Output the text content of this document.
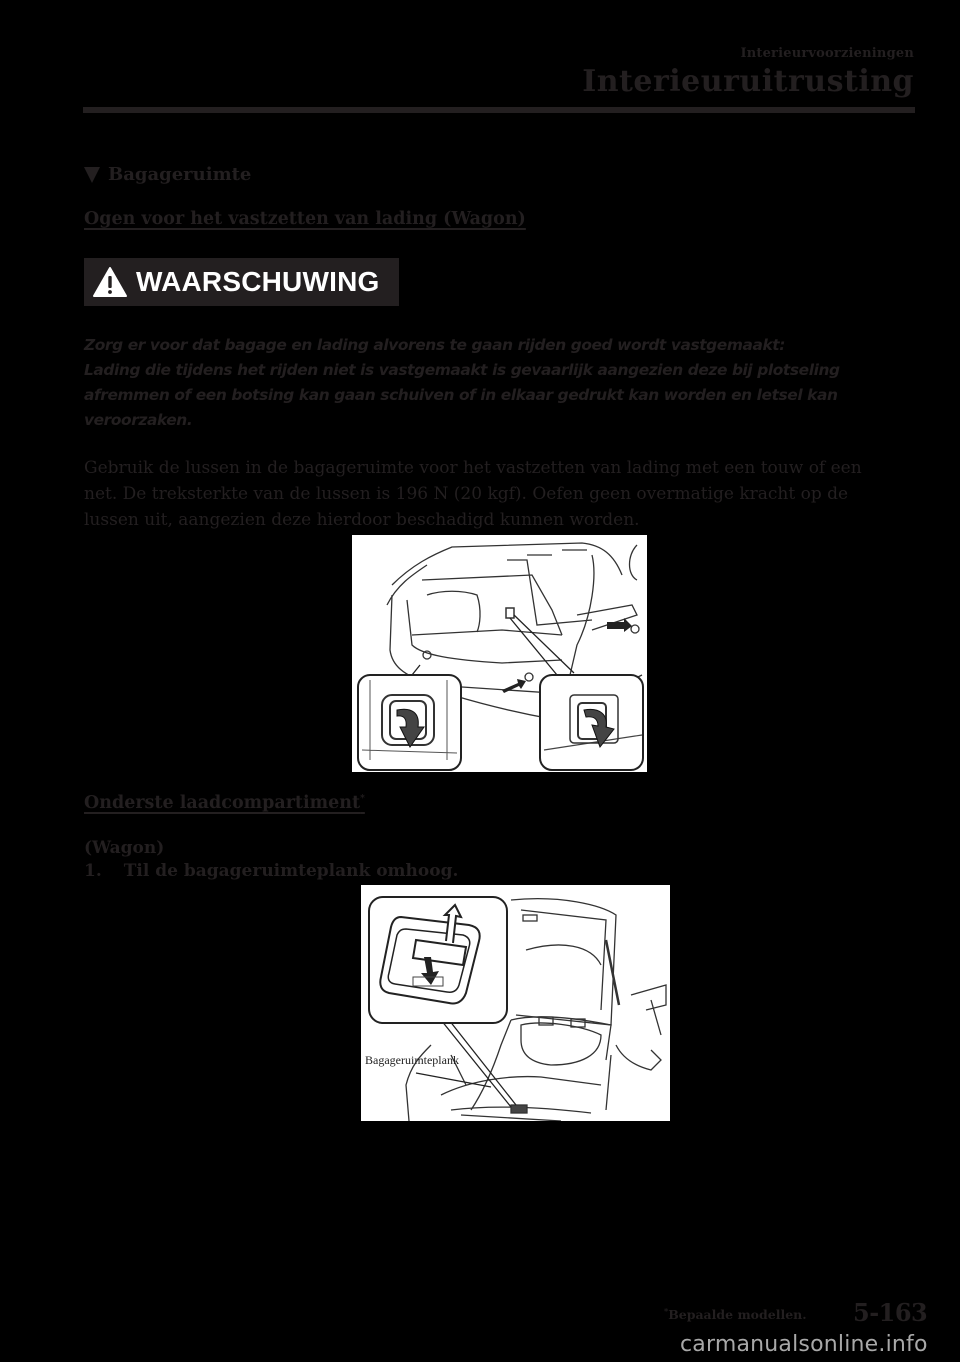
Interieurvoorzieningen
Interieuruitrusting
Bagageruimte
Ogen voor het vastzetten van lading (Wagon)
WAARSCHUWING
Zorg er voor dat bagage en lading alvorens te gaan rijden goed wordt vastgemaakt:
Lading die tijdens het rijden niet is vastgemaakt is gevaarlijk aangezien deze bij plotseling
afremmen of een botsing kan gaan schuiven of in elkaar gedrukt kan worden en letsel kan
veroorzaken.
Gebruik de lussen in de bagageruimte voor het vastzetten van lading met een touw of een
net. De treksterkte van de lussen is 196 N (20 kgf). Oefen geen overmatige kracht op de
lussen uit, aangezien deze hierdoor beschadigd kunnen worden.
Onderste laadcompartiment*
(Wagon)
1. Til de bagageruimteplank omhoog.
Bagageruimteplank
*Bepaalde modellen. 5-163
carmanualsonline.info
